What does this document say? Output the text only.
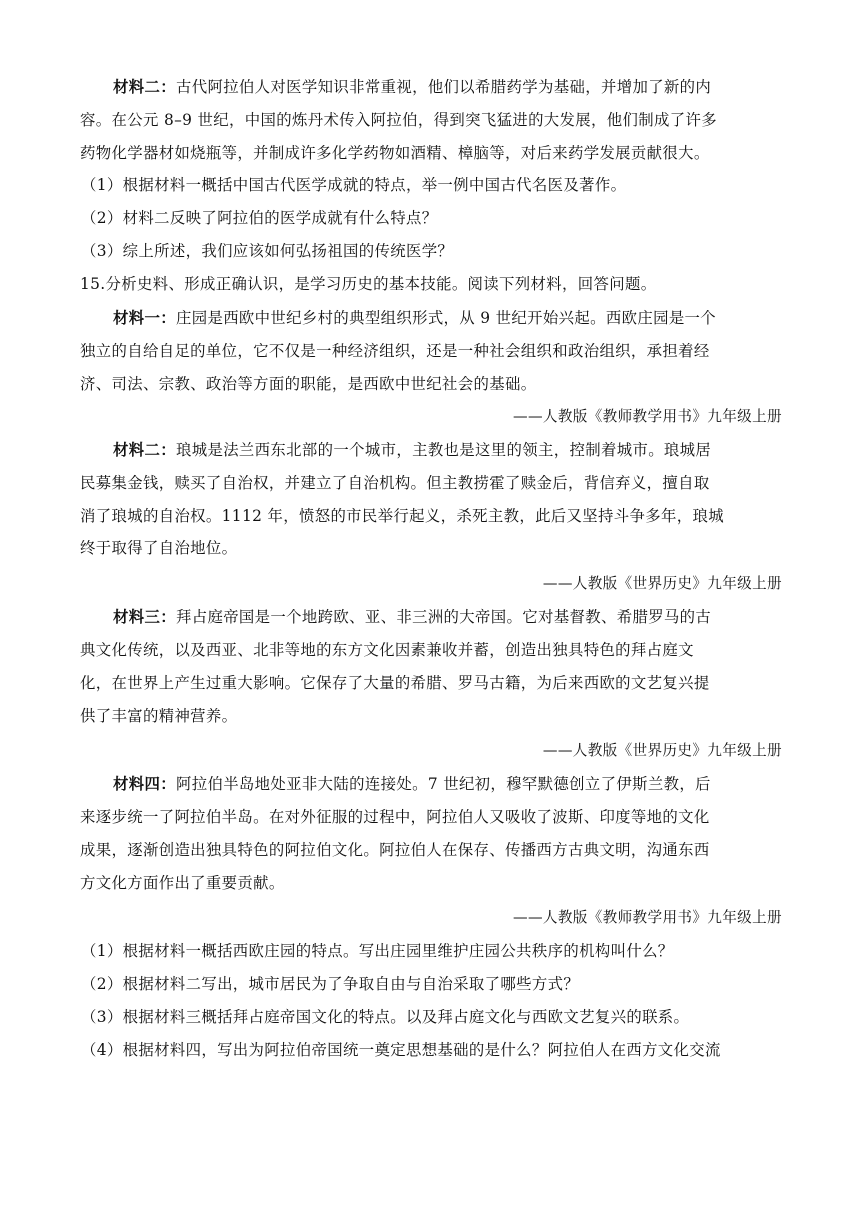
材料二：古代阿拉伯人对医学知识非常重视，他们以希腊药学为基础，并增加了新的内
容。在公元 8–9 世纪，中国的炼丹术传入阿拉伯，得到突飞猛进的大发展，他们制成了许多
药物化学器材如烧瓶等，并制成许多化学药物如酒精、樟脑等，对后来药学发展贡献很大。
（1）根据材料一概括中国古代医学成就的特点，举一例中国古代名医及著作。
（2）材料二反映了阿拉伯的医学成就有什么特点？
（3）综上所述，我们应该如何弘扬祖国的传统医学？
15.分析史料、形成正确认识，是学习历史的基本技能。阅读下列材料，回答问题。
材料一：庄园是西欧中世纪乡村的典型组织形式，从 9 世纪开始兴起。西欧庄园是一个
独立的自给自足的单位，它不仅是一种经济组织，还是一种社会组织和政治组织，承担着经
济、司法、宗教、政治等方面的职能，是西欧中世纪社会的基础。
——人教版《教师教学用书》九年级上册
材料二：琅城是法兰西东北部的一个城市，主教也是这里的领主，控制着城市。琅城居
民募集金钱，赎买了自治权，并建立了自治机构。但主教捞霍了赎金后，背信弃义，擅自取
消了琅城的自治权。1112 年，愤怒的市民举行起义，杀死主教，此后又坚持斗争多年，琅城
终于取得了自治地位。
——人教版《世界历史》九年级上册
材料三：拜占庭帝国是一个地跨欧、亚、非三洲的大帝国。它对基督教、希腊罗马的古
典文化传统，以及西亚、北非等地的东方文化因素兼收并蓄，创造出独具特色的拜占庭文
化，在世界上产生过重大影响。它保存了大量的希腊、罗马古籍，为后来西欧的文艺复兴提
供了丰富的精神营养。
——人教版《世界历史》九年级上册
材料四：阿拉伯半岛地处亚非大陆的连接处。7 世纪初，穆罕默德创立了伊斯兰教，后
来逐步统一了阿拉伯半岛。在对外征服的过程中，阿拉伯人又吸收了波斯、印度等地的文化
成果，逐渐创造出独具特色的阿拉伯文化。阿拉伯人在保存、传播西方古典文明，沟通东西
方文化方面作出了重要贡献。
——人教版《教师教学用书》九年级上册
（1）根据材料一概括西欧庄园的特点。写出庄园里维护庄园公共秩序的机构叫什么？
（2）根据材料二写出，城市居民为了争取自由与自治采取了哪些方式？
（3）根据材料三概括拜占庭帝国文化的特点。以及拜占庭文化与西欧文艺复兴的联系。
（4）根据材料四，写出为阿拉伯帝国统一奠定思想基础的是什么？阿拉伯人在西方文化交流
